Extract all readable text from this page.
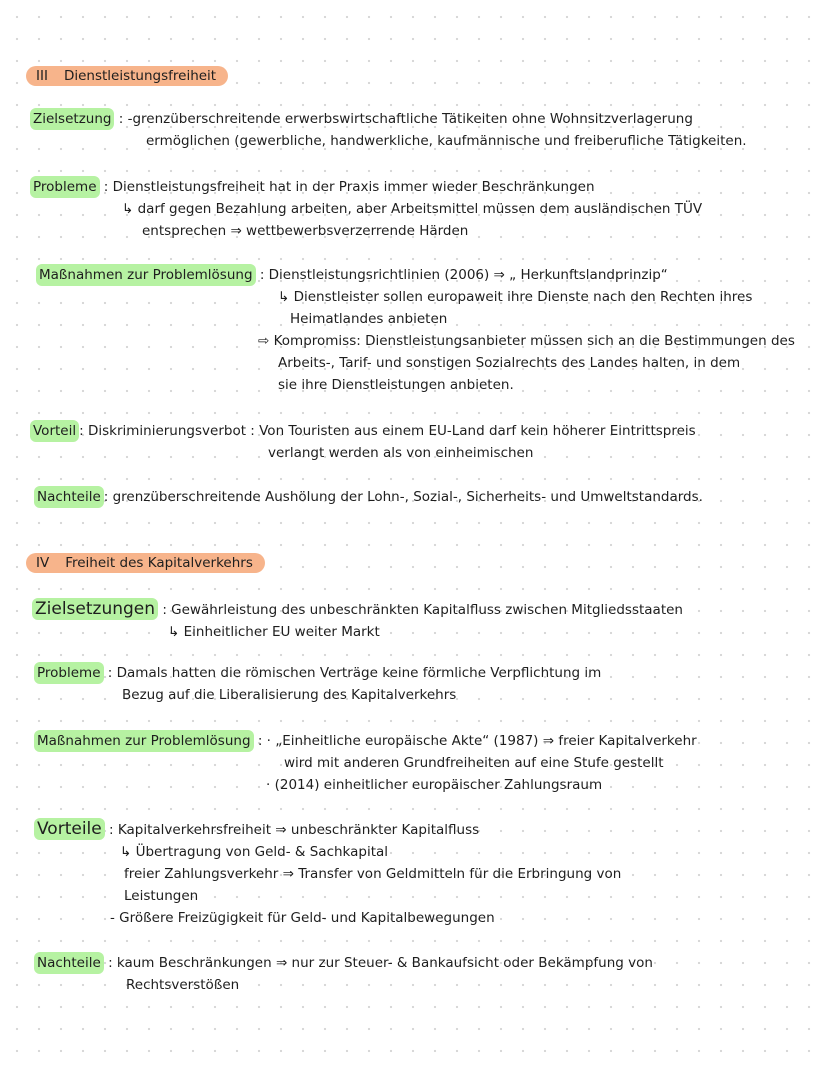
III Dienstleistungsfreiheit
Zielsetzung : -grenzüberschreitende erwerbswirtschaftliche Tätikeiten ohne Wohnsitzverlagerung
ermöglichen (gewerbliche, handwerkliche, kaufmännische und freiberufliche Tätigkeiten.
Probleme : Dienstleistungsfreiheit hat in der Praxis immer wieder Beschränkungen
↳ darf gegen Bezahlung arbeiten, aber Arbeitsmittel müssen dem ausländischen TÜV
entsprechen ⇒ wettbewerbsverzerrende Härden
Maßnahmen zur Problemlösung : Dienstleistungsrichtlinien (2006) ⇒ „ Herkunftslandprinzip“
↳ Dienstleister sollen europaweit ihre Dienste nach den Rechten ihres
Heimatlandes anbieten
⇨ Kompromiss: Dienstleistungsanbieter müssen sich an die Bestimmungen des
Arbeits-, Tarif- und sonstigen Sozialrechts des Landes halten, in dem
sie ihre Dienstleistungen anbieten.
Vorteil : Diskriminierungsverbot : Von Touristen aus einem EU-Land darf kein höherer Eintrittspreis
verlangt werden als von einheimischen
Nachteile : grenzüberschreitende Aushölung der Lohn-, Sozial-, Sicherheits- und Umweltstandards.
IV Freiheit des Kapitalverkehrs
Zielsetzungen : Gewährleistung des unbeschränkten Kapitalfluss zwischen Mitgliedsstaaten
↳ Einheitlicher EU weiter Markt
Probleme : Damals hatten die römischen Verträge keine förmliche Verpflichtung im
Bezug auf die Liberalisierung des Kapitalverkehrs
Maßnahmen zur Problemlösung : · „Einheitliche europäische Akte“ (1987) ⇒ freier Kapitalverkehr
wird mit anderen Grundfreiheiten auf eine Stufe gestellt
· (2014) einheitlicher europäischer Zahlungsraum
Vorteile : Kapitalverkehrsfreiheit ⇒ unbeschränkter Kapitalfluss
↳ Übertragung von Geld- & Sachkapital
freier Zahlungsverkehr ⇒ Transfer von Geldmitteln für die Erbringung von
Leistungen
- Größere Freizügigkeit für Geld- und Kapitalbewegungen
Nachteile : kaum Beschränkungen ⇒ nur zur Steuer- & Bankaufsicht oder Bekämpfung von
Rechtsverstößen
